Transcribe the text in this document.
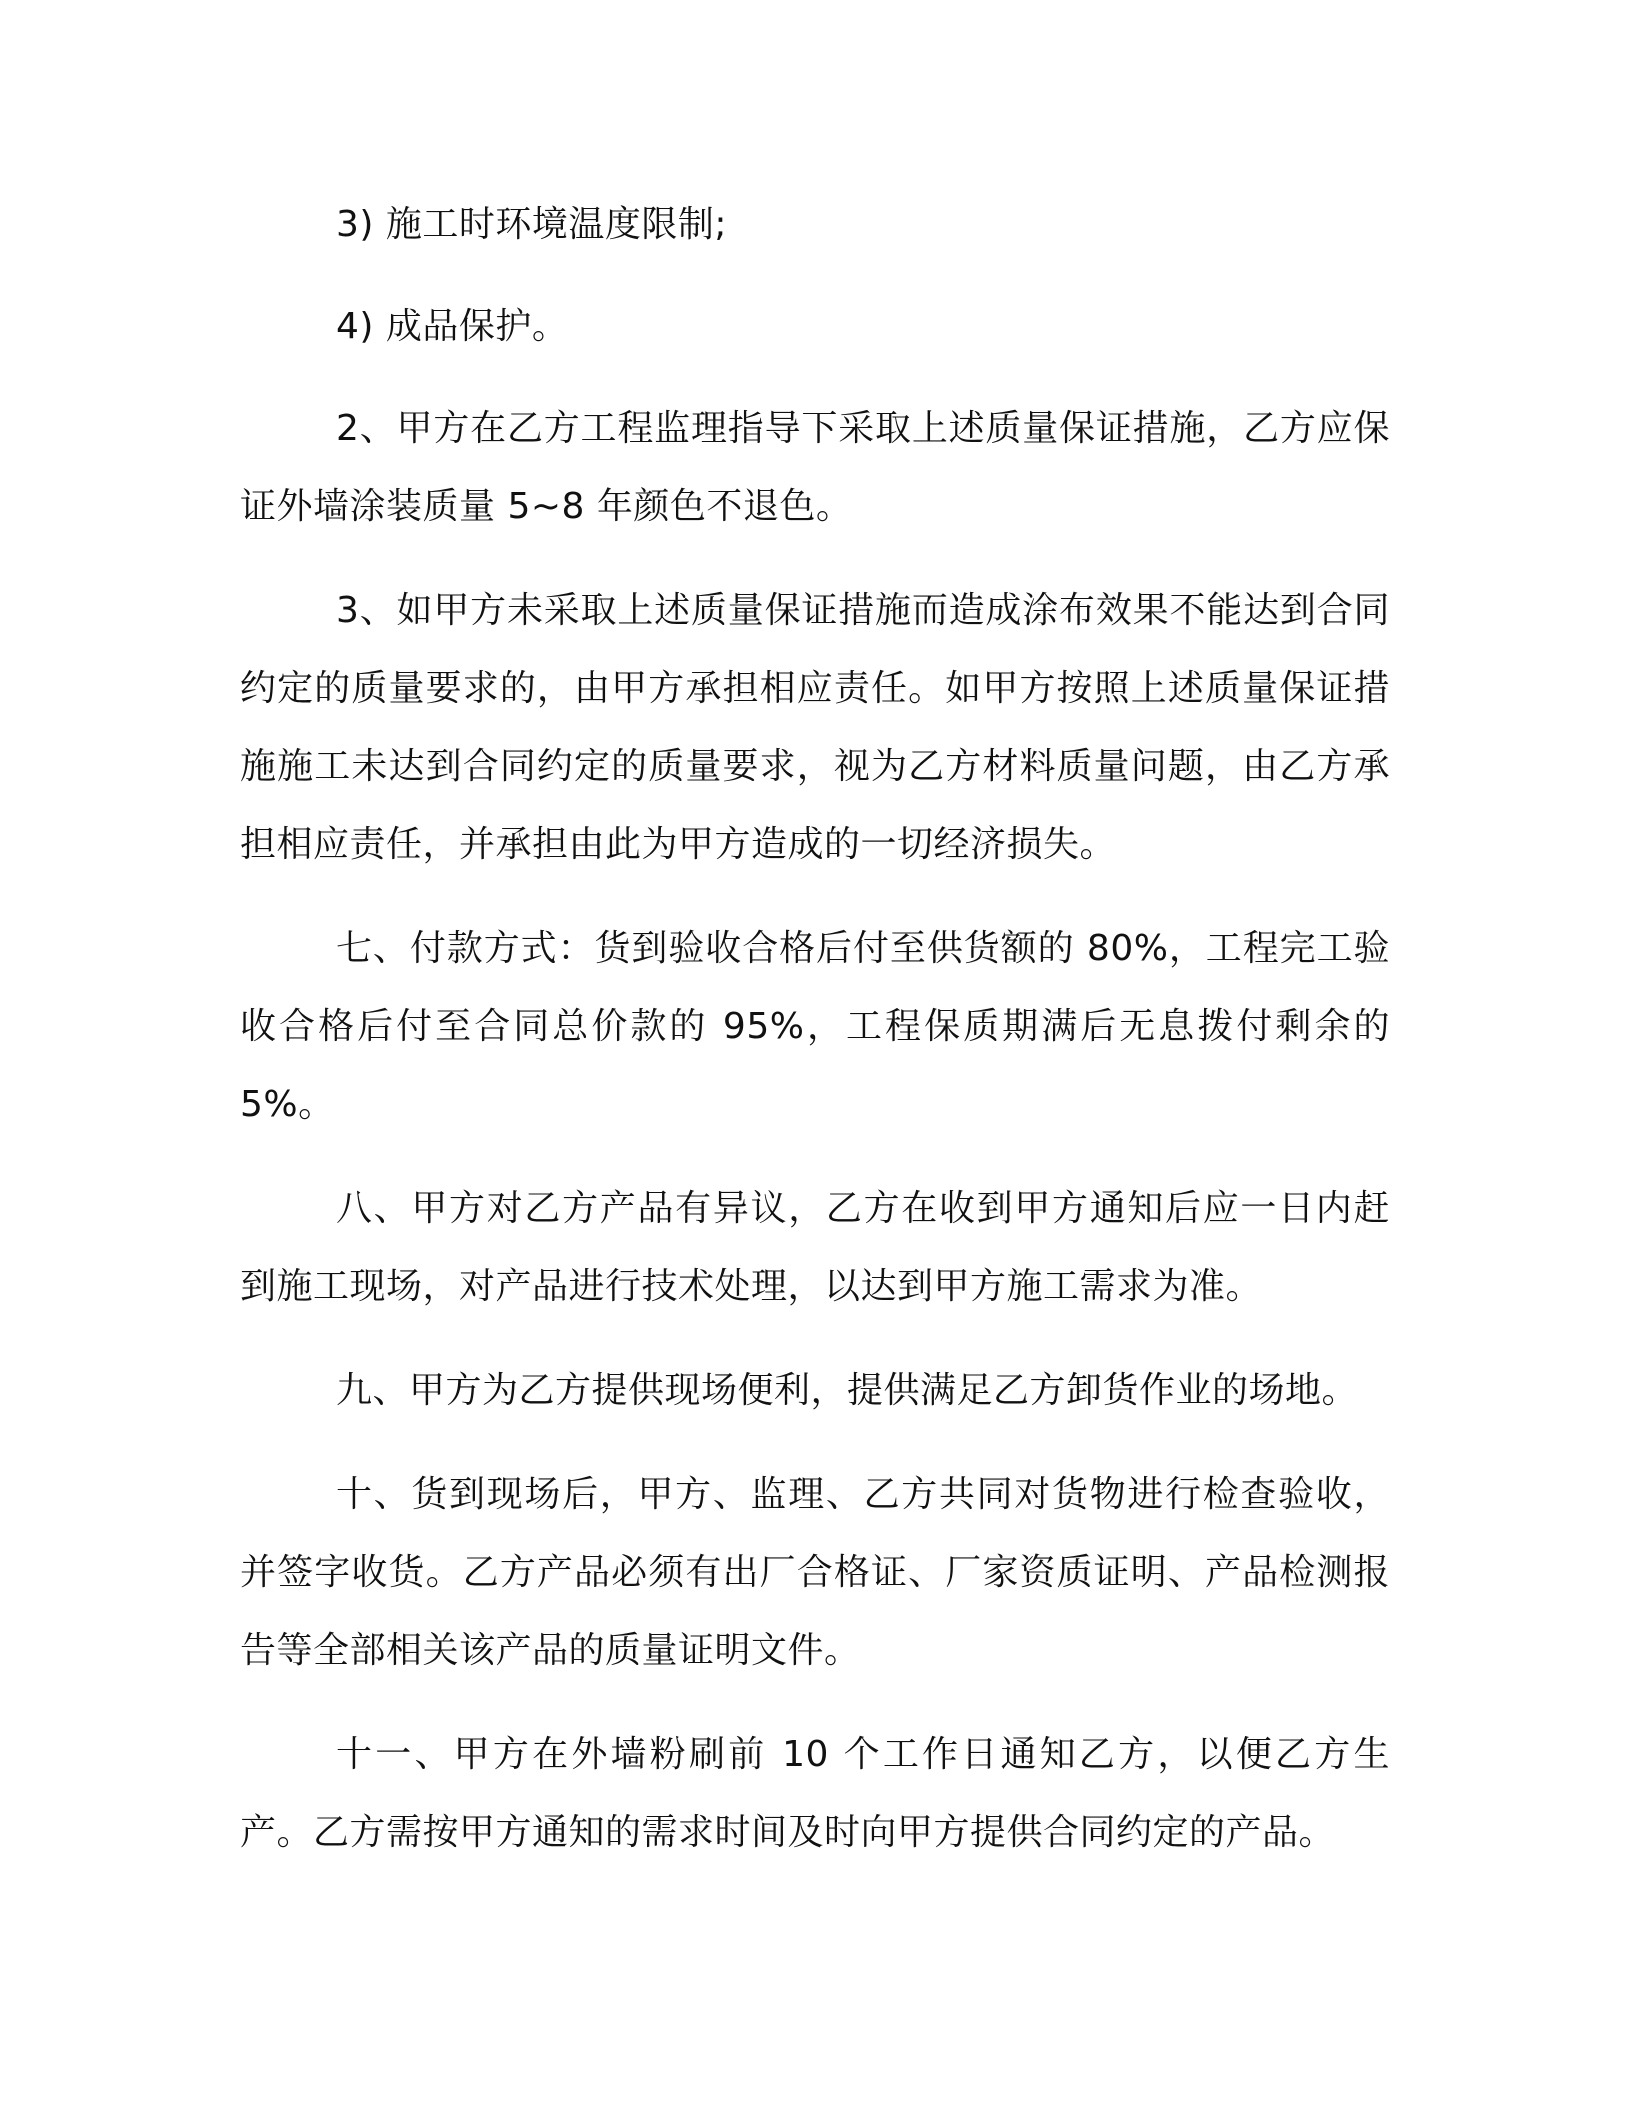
3) 施工时环境温度限制;

4) 成品保护。

2、甲方在乙方工程监理指导下采取上述质量保证措施，乙方应保证外墙涂装质量 5~8 年颜色不退色。

3、如甲方未采取上述质量保证措施而造成涂布效果不能达到合同约定的质量要求的，由甲方承担相应责任。如甲方按照上述质量保证措施施工未达到合同约定的质量要求，视为乙方材料质量问题，由乙方承担相应责任，并承担由此为甲方造成的一切经济损失。

七、付款方式：货到验收合格后付至供货额的 80%，工程完工验收合格后付至合同总价款的 95%，工程保质期满后无息拨付剩余的 5%。

八、甲方对乙方产品有异议，乙方在收到甲方通知后应一日内赶到施工现场，对产品进行技术处理，以达到甲方施工需求为准。

九、甲方为乙方提供现场便利，提供满足乙方卸货作业的场地。

十、货到现场后，甲方、监理、乙方共同对货物进行检查验收，并签字收货。乙方产品必须有出厂合格证、厂家资质证明、产品检测报告等全部相关该产品的质量证明文件。

十一、甲方在外墙粉刷前 10 个工作日通知乙方，以便乙方生产。乙方需按甲方通知的需求时间及时向甲方提供合同约定的产品。
